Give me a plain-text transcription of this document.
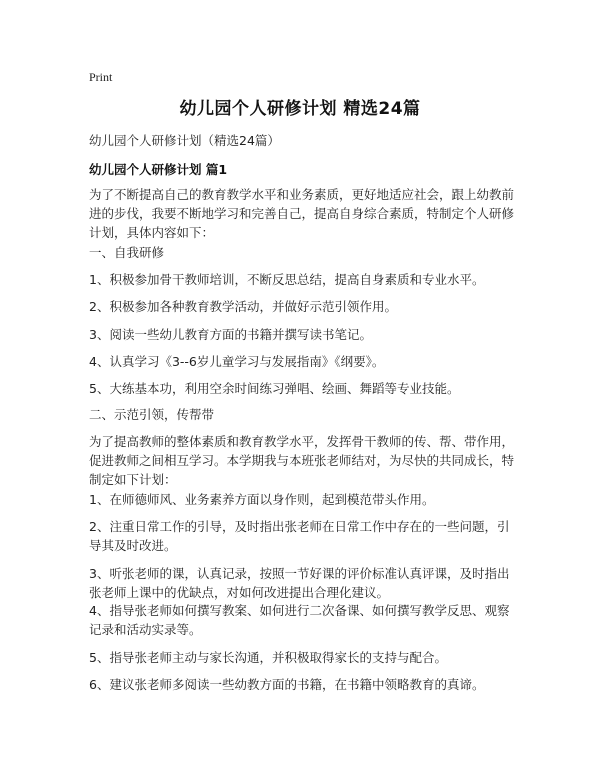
Print
幼儿园个人研修计划 精选24篇
幼儿园个人研修计划（精选24篇）
幼儿园个人研修计划 篇1
为了不断提高自己的教育教学水平和业务素质，更好地适应社会，跟上幼教前进的步伐，我要不断地学习和完善自己，提高自身综合素质，特制定个人研修计划，具体内容如下：
一、自我研修
1、积极参加骨干教师培训，不断反思总结，提高自身素质和专业水平。
2、积极参加各种教育教学活动，并做好示范引领作用。
3、阅读一些幼儿教育方面的书籍并撰写读书笔记。
4、认真学习《3--6岁儿童学习与发展指南》《纲要》。
5、大练基本功，利用空余时间练习弹唱、绘画、舞蹈等专业技能。
二、示范引领，传帮带
为了提高教师的整体素质和教育教学水平，发挥骨干教师的传、帮、带作用，促进教师之间相互学习。本学期我与本班张老师结对，为尽快的共同成长，特制定如下计划：
1、在师德师风、业务素养方面以身作则，起到模范带头作用。
2、注重日常工作的引导，及时指出张老师在日常工作中存在的一些问题，引导其及时改进。
3、听张老师的课，认真记录，按照一节好课的评价标准认真评课，及时指出张老师上课中的优缺点，对如何改进提出合理化建议。
4、指导张老师如何撰写教案、如何进行二次备课、如何撰写教学反思、观察记录和活动实录等。
5、指导张老师主动与家长沟通，并积极取得家长的支持与配合。
6、建议张老师多阅读一些幼教方面的书籍，在书籍中领略教育的真谛。
